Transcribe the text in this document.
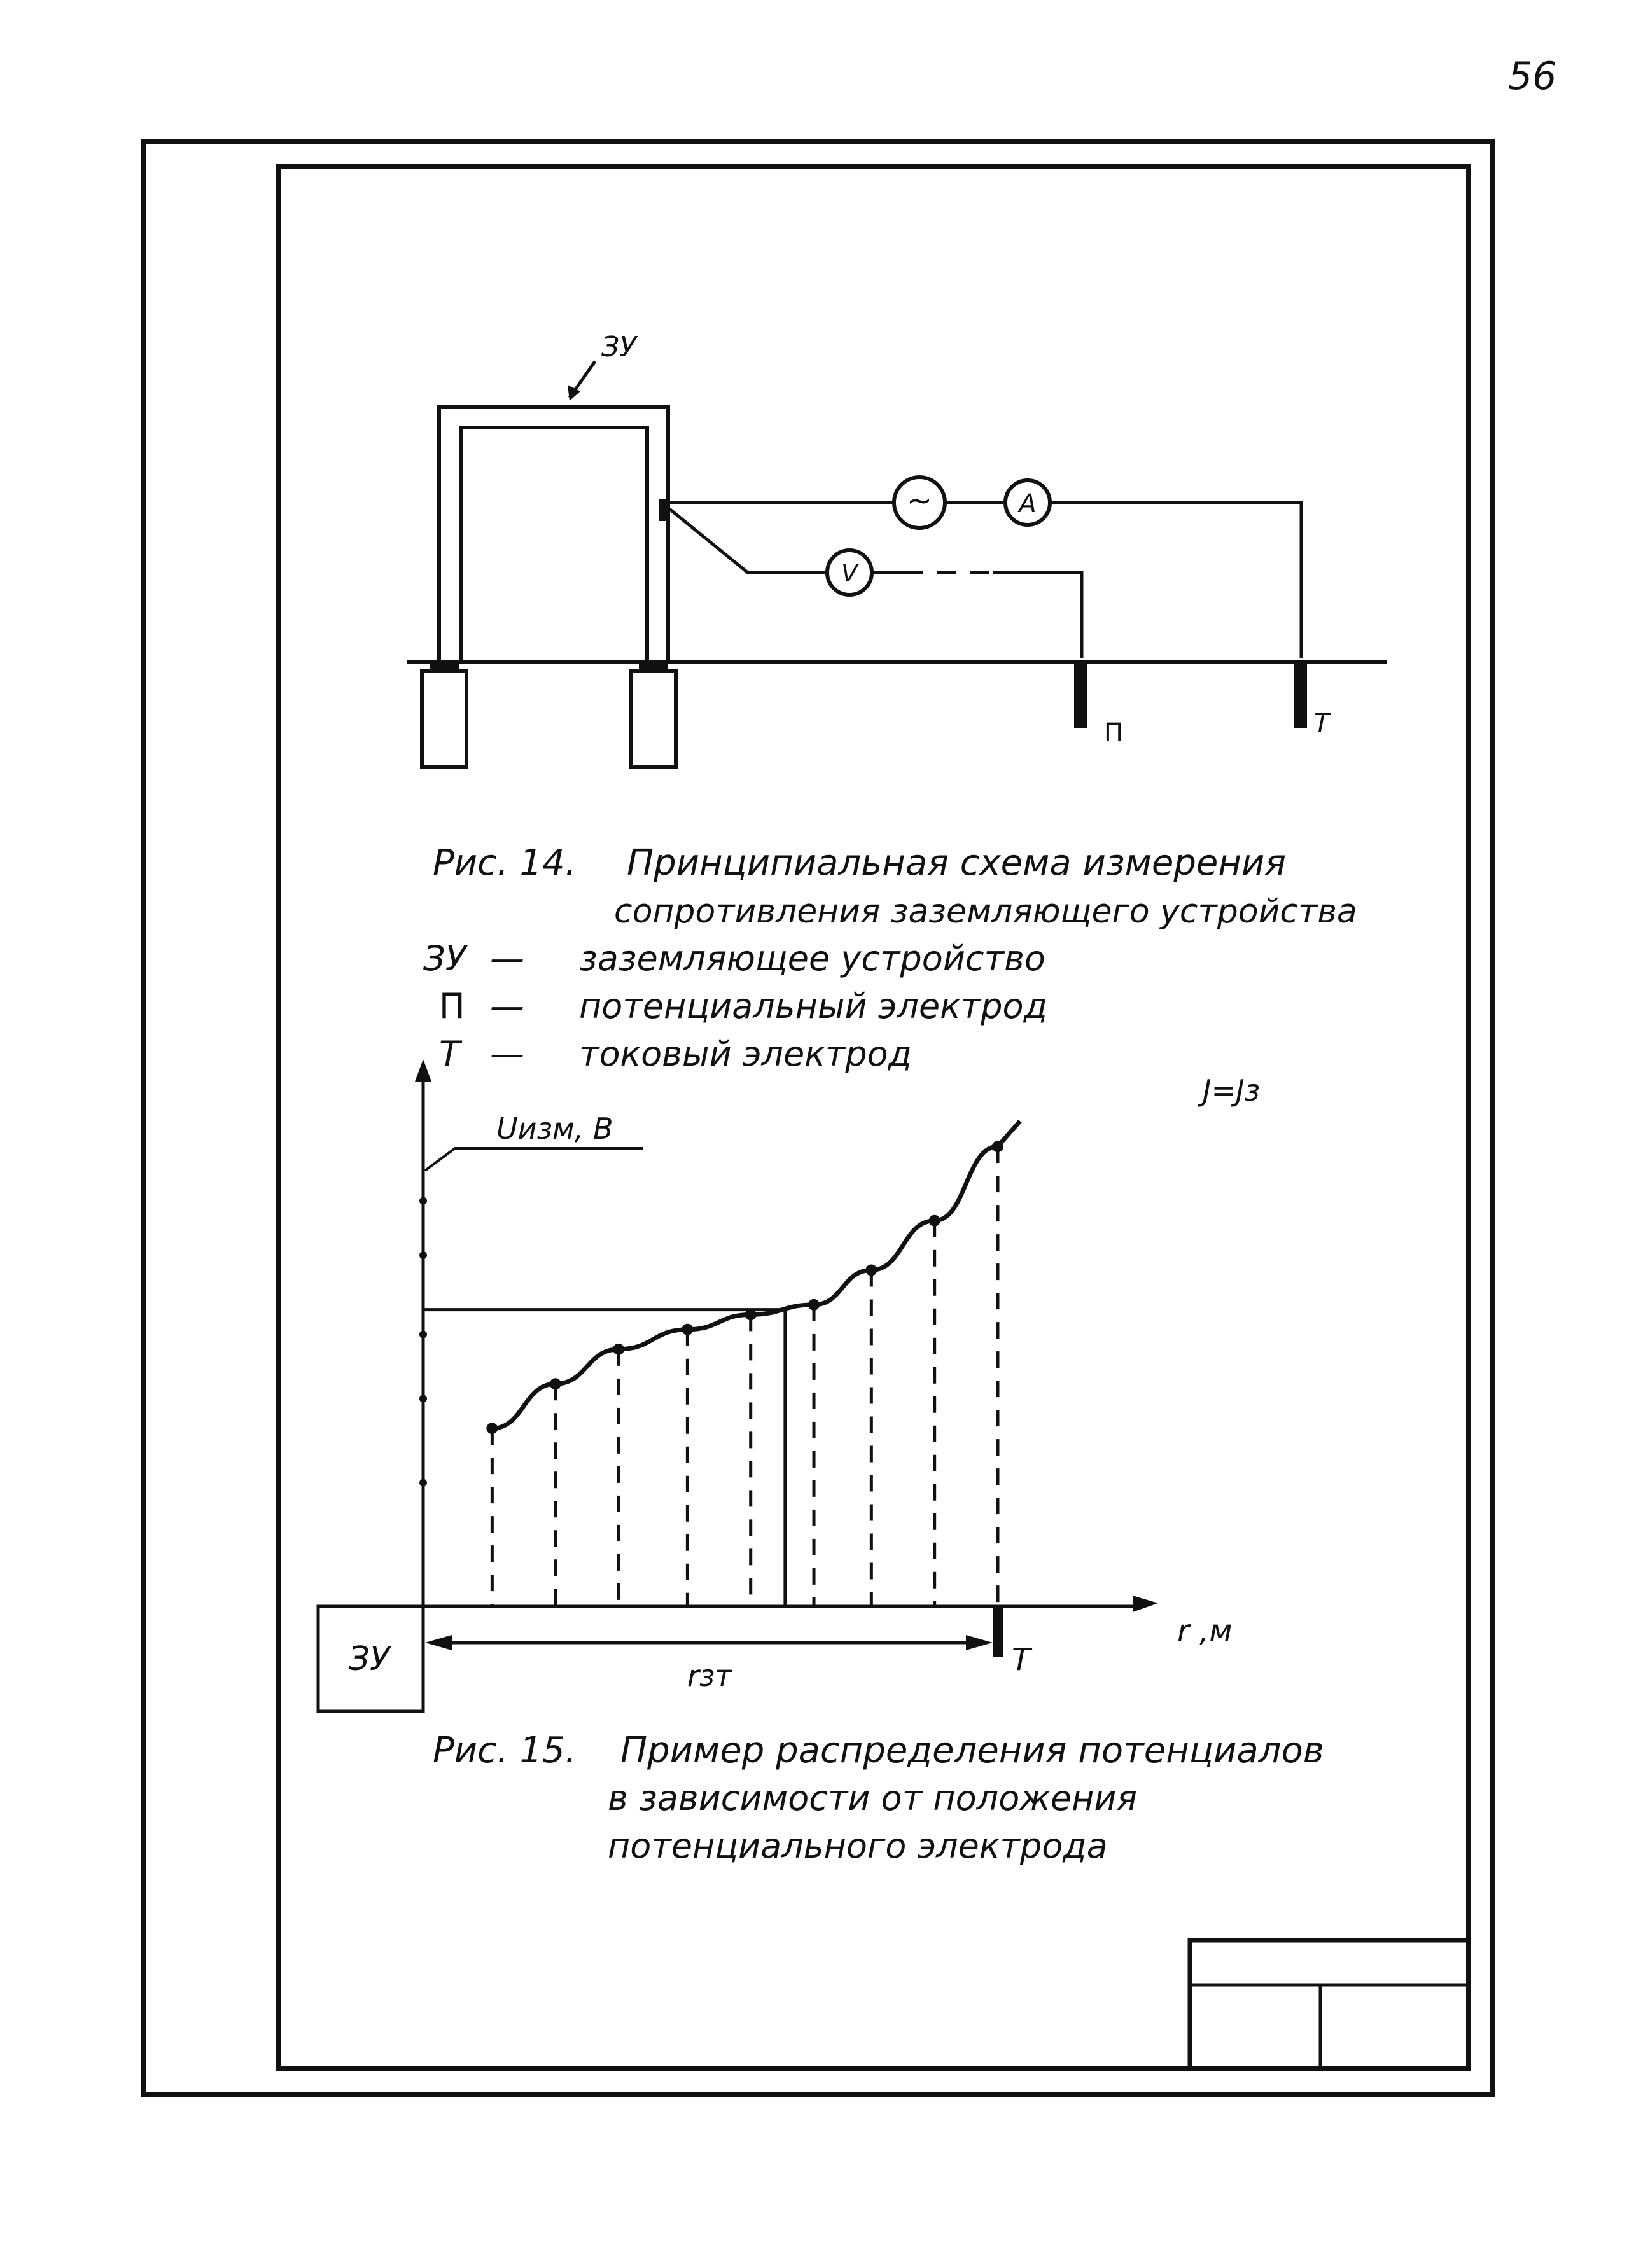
56
ЗУ
~	A
V
П	Т
Рис. 14. Принципиальная схема измерения
сопротивления заземляющего устройства
ЗУ — заземляющее устройство
П — потенциальный электрод
Т — токовый электрод
J=Jз
Uизм, В
r ,м
ЗУ	rзт	Т
Рис. 15. Пример распределения потенциалов
в зависимости от положения
потенциального электрода
